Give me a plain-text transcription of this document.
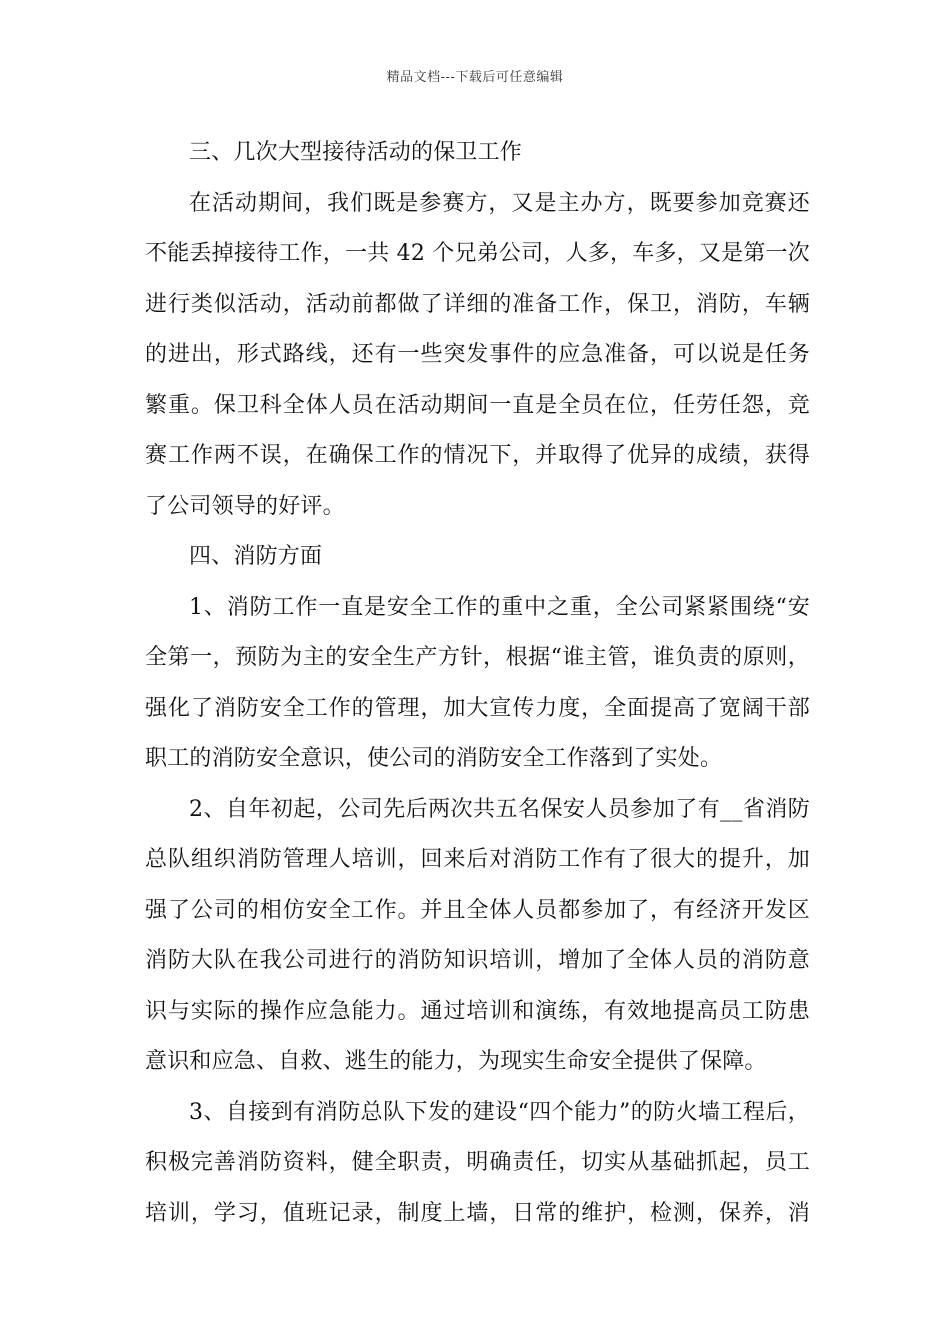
精品文档---下载后可任意编辑
三、几次大型接待活动的保卫工作
在活动期间，我们既是参赛方，又是主办方，既要参加竞赛还
不能丢掉接待工作，一共 42 个兄弟公司，人多，车多，又是第一次
进行类似活动，活动前都做了详细的准备工作，保卫，消防，车辆
的进出，形式路线，还有一些突发事件的应急准备，可以说是任务
繁重。保卫科全体人员在活动期间一直是全员在位，任劳任怨，竞
赛工作两不误，在确保工作的情况下，并取得了优异的成绩，获得
了公司领导的好评。
四、消防方面
1、消防工作一直是安全工作的重中之重，全公司紧紧围绕“安
全第一，预防为主的安全生产方针，根据“谁主管，谁负责的原则，
强化了消防安全工作的管理，加大宣传力度，全面提高了宽阔干部
职工的消防安全意识，使公司的消防安全工作落到了实处。
2、自年初起，公司先后两次共五名保安人员参加了有__省消防
总队组织消防管理人培训，回来后对消防工作有了很大的提升，加
强了公司的相仿安全工作。并且全体人员都参加了，有经济开发区
消防大队在我公司进行的消防知识培训，增加了全体人员的消防意
识与实际的操作应急能力。通过培训和演练，有效地提高员工防患
意识和应急、自救、逃生的能力，为现实生命安全提供了保障。
3、自接到有消防总队下发的建设“四个能力”的防火墙工程后，
积极完善消防资料，健全职责，明确责任，切实从基础抓起，员工
培训，学习，值班记录，制度上墙，日常的维护，检测，保养，消
